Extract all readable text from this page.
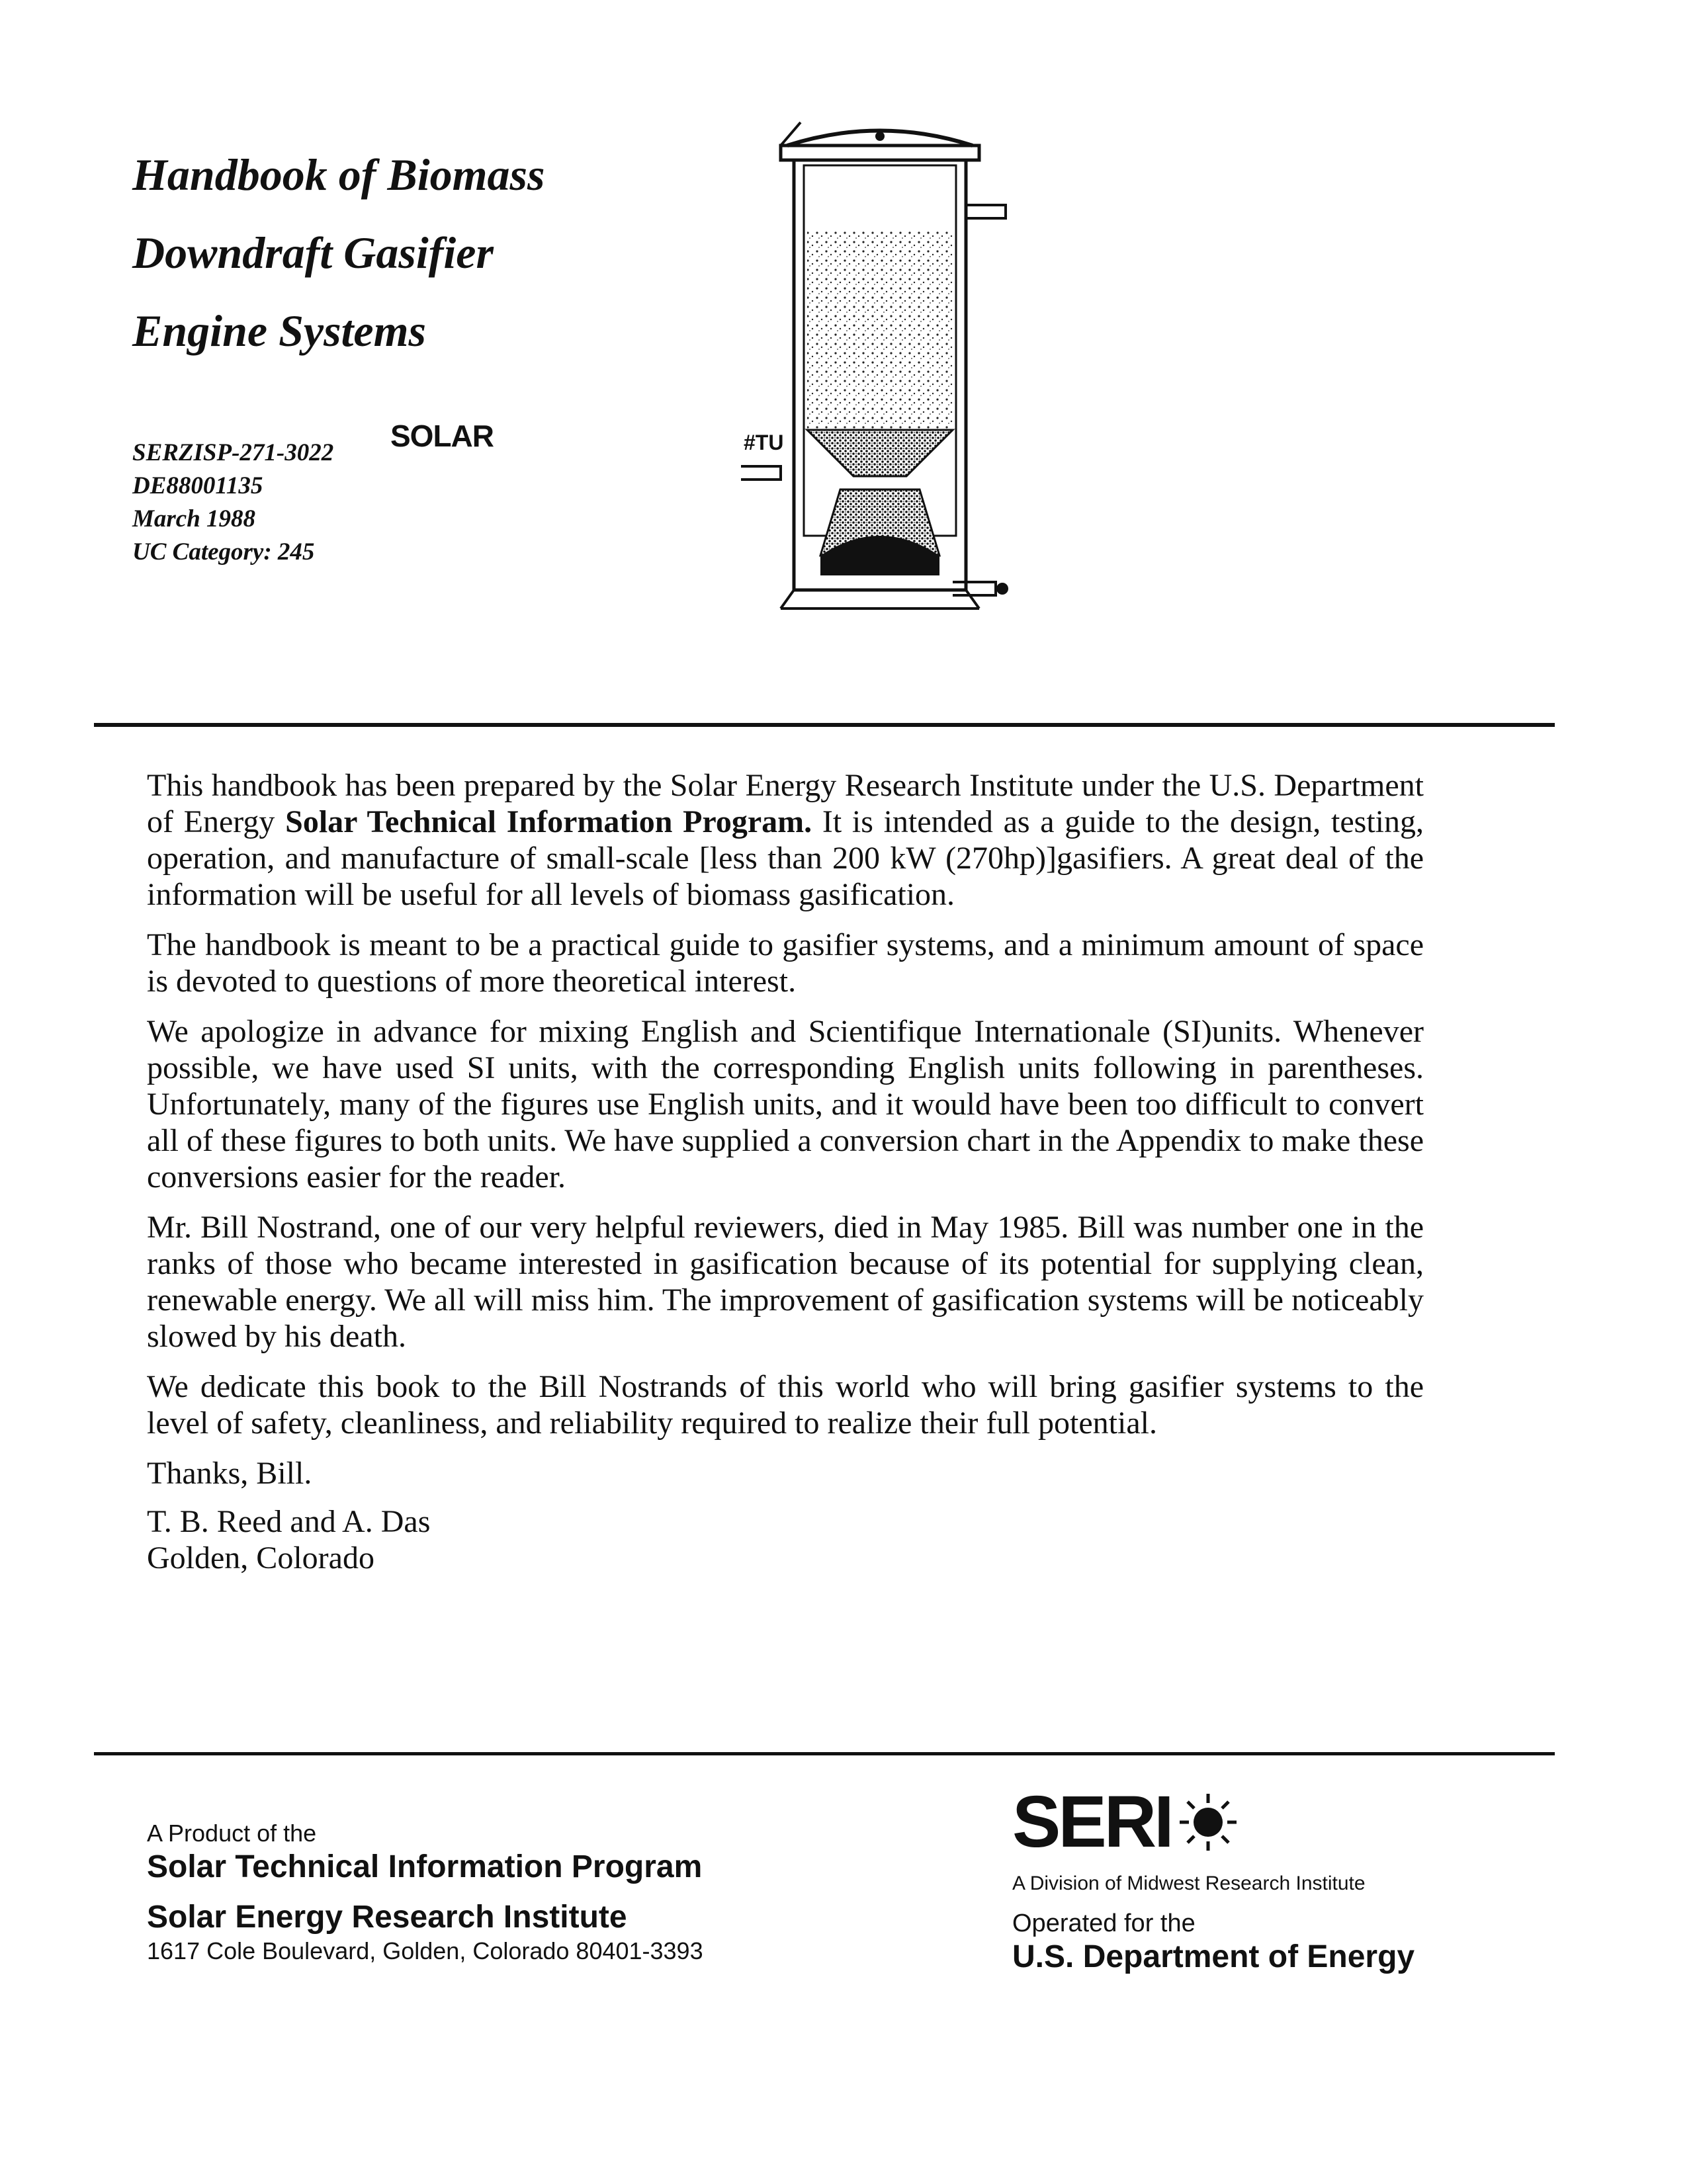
Handbook of Biomass
Downdraft Gasifier
Engine Systems
SERZISP-271-3022
DE88001135
March 1988
UC Category: 245
SOLAR	#TU

This handbook has been prepared by the Solar Energy Research Institute under the U.S. Department of Energy Solar Technical Information Program. It is intended as a guide to the design, testing, operation, and manufacture of small-scale [less than 200 kW (270hp)]gasifiers. A great deal of the information will be useful for all levels of biomass gasification.

The handbook is meant to be a practical guide to gasifier systems, and a minimum amount of space is devoted to questions of more theoretical interest.

We apologize in advance for mixing English and Scientifique Internationale (SI)units. Whenever possible, we have used SI units, with the corresponding English units following in parentheses. Unfortunately, many of the figures use English units, and it would have been too difficult to convert all of these figures to both units. We have supplied a conversion chart in the Appendix to make these conversions easier for the reader.

Mr. Bill Nostrand, one of our very helpful reviewers, died in May 1985. Bill was number one in the ranks of those who became interested in gasification because of its potential for supplying clean, renewable energy. We all will miss him. The improvement of gasification systems will be noticeably slowed by his death.

We dedicate this book to the Bill Nostrands of this world who will bring gasifier systems to the level of safety, cleanliness, and reliability required to realize their full potential.

Thanks, Bill.

T. B. Reed and A. Das
Golden, Colorado

A Product of the
Solar Technical Information Program
Solar Energy Research Institute
1617 Cole Boulevard, Golden, Colorado 80401-3393
SERI
A Division of Midwest Research Institute
Operated for the
U.S. Department of Energy
